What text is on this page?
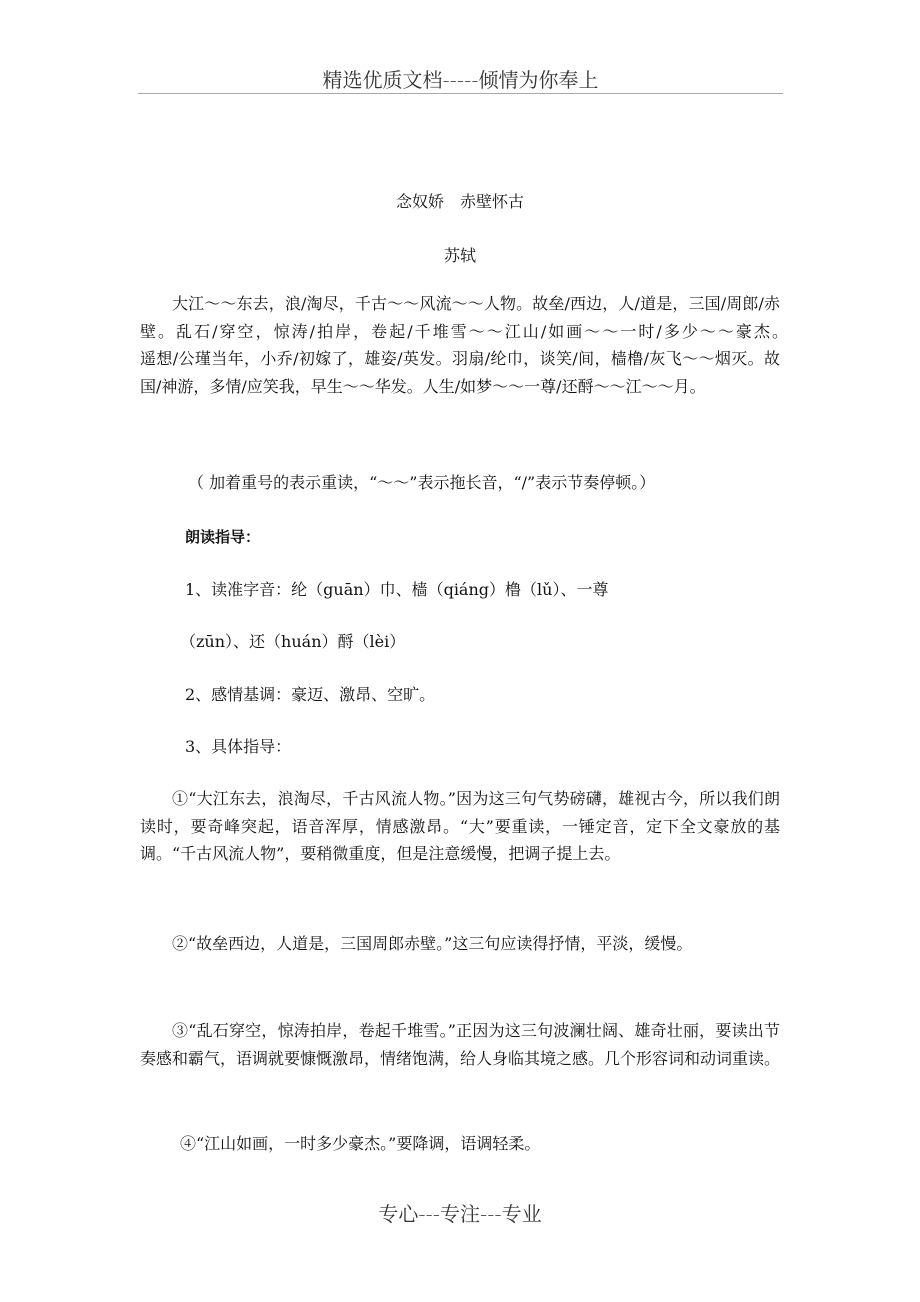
精选优质文档-----倾情为你奉上
念奴娇　赤壁怀古
苏轼
大江～～东去，浪/淘尽，千古～～风流～～人物。故垒/西边，人/道是，三国/周郎/赤壁。乱石/穿空，惊涛/拍岸，卷起/千堆雪～～江山/如画～～一时/多少～～豪杰。　　　　遥想/公瑾当年，小乔/初嫁了，雄姿/英发。羽扇/纶巾，谈笑/间，樯橹/灰飞～～烟灭。故国/神游，多情/应笑我，早生～～华发。人生/如梦～～一尊/还酹～～江～～月。
（ 加着重号的表示重读，“～～”表示拖长音，“/”表示节奏停顿。）
朗读指导：
1、读准字音：纶（guān）巾、樯（qiáng）橹（lǔ）、一尊
（zūn）、还（huán）酹（lèi）
2、感情基调：豪迈、激昂、空旷。
3、具体指导：
①“大江东去，浪淘尽，千古风流人物。”因为这三句气势磅礴，雄视古今，所以我们朗读时，要奇峰突起，语音浑厚，情感激昂。“大”要重读，一锤定音，定下全文豪放的基调。“千古风流人物”，要稍微重度，但是注意缓慢，把调子提上去。
②“故垒西边，人道是，三国周郎赤壁。”这三句应读得抒情，平淡，缓慢。
③“乱石穿空，惊涛拍岸，卷起千堆雪。”正因为这三句波澜壮阔、雄奇壮丽，要读出节奏感和霸气，语调就要慷慨激昂，情绪饱满，给人身临其境之感。几个形容词和动词重读。
④“江山如画，一时多少豪杰。”要降调，语调轻柔。
专心---专注---专业
